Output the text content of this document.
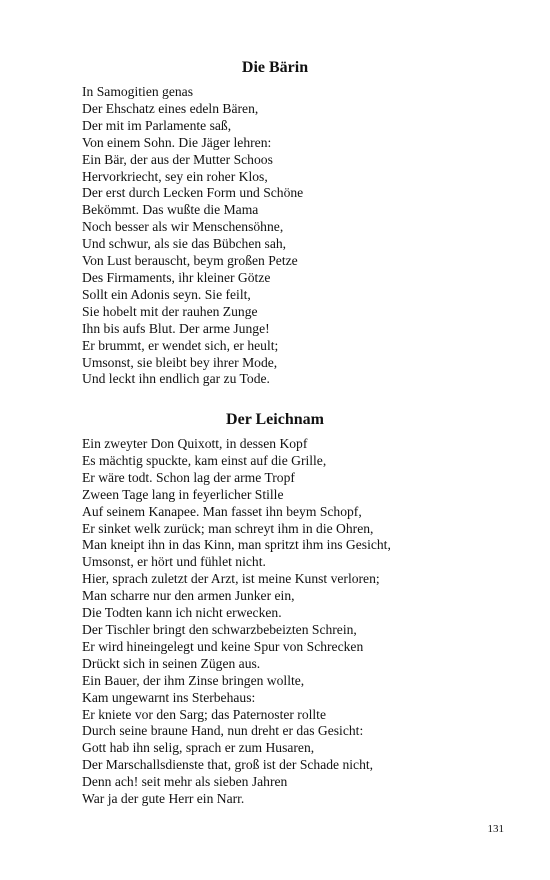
Die Bärin
In Samogitien genas
Der Ehschatz eines edeln Bären,
Der mit im Parlamente saß,
Von einem Sohn. Die Jäger lehren:
Ein Bär, der aus der Mutter Schoos
Hervorkriecht, sey ein roher Klos,
Der erst durch Lecken Form und Schöne
Bekömmt. Das wußte die Mama
Noch besser als wir Menschensöhne,
Und schwur, als sie das Bübchen sah,
Von Lust berauscht, beym großen Petze
Des Firmaments, ihr kleiner Götze
Sollt ein Adonis seyn. Sie feilt,
Sie hobelt mit der rauhen Zunge
Ihn bis aufs Blut. Der arme Junge!
Er brummt, er wendet sich, er heult;
Umsonst, sie bleibt bey ihrer Mode,
Und leckt ihn endlich gar zu Tode.
Der Leichnam
Ein zweyter Don Quixott, in dessen Kopf
Es mächtig spuckte, kam einst auf die Grille,
Er wäre todt. Schon lag der arme Tropf
Zween Tage lang in feyerlicher Stille
Auf seinem Kanapee. Man fasset ihn beym Schopf,
Er sinket welk zurück; man schreyt ihm in die Ohren,
Man kneipt ihn in das Kinn, man spritzt ihm ins Gesicht,
Umsonst, er hört und fühlet nicht.
Hier, sprach zuletzt der Arzt, ist meine Kunst verloren;
Man scharre nur den armen Junker ein,
Die Todten kann ich nicht erwecken.
Der Tischler bringt den schwarzbebeizten Schrein,
Er wird hineingelegt und keine Spur von Schrecken
Drückt sich in seinen Zügen aus.
Ein Bauer, der ihm Zinse bringen wollte,
Kam ungewarnt ins Sterbehaus:
Er kniete vor den Sarg; das Paternoster rollte
Durch seine braune Hand, nun dreht er das Gesicht:
Gott hab ihn selig, sprach er zum Husaren,
Der Marschallsdienste that, groß ist der Schade nicht,
Denn ach! seit mehr als sieben Jahren
War ja der gute Herr ein Narr.
131
